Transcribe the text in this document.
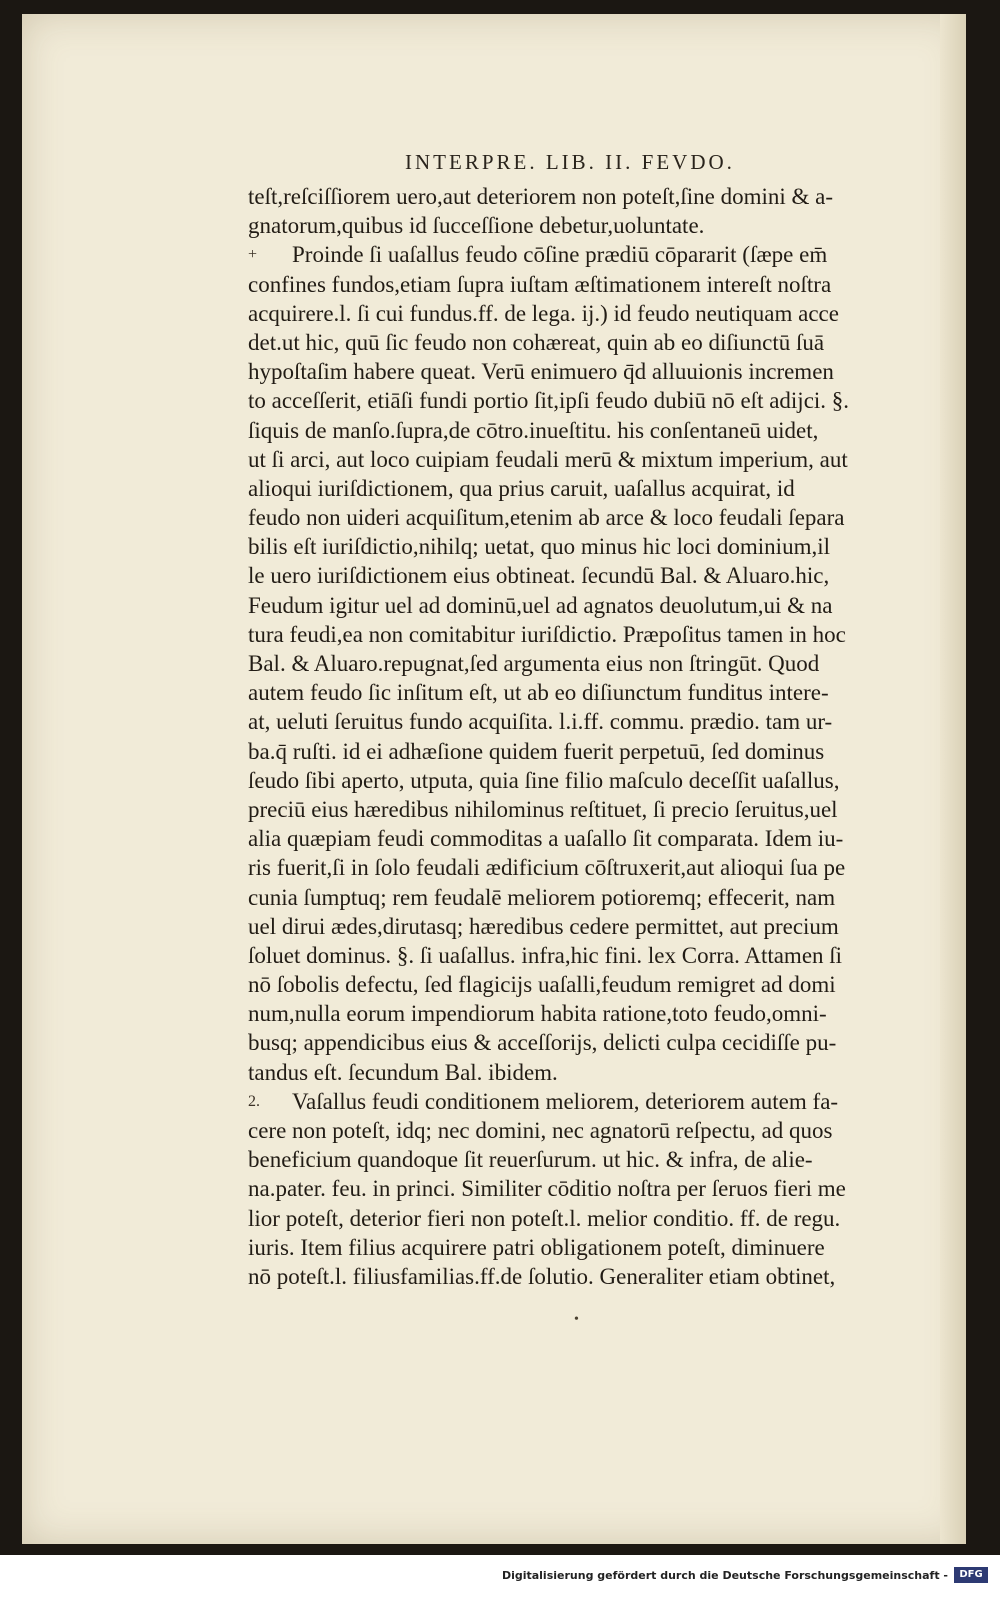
INTERPRE. LIB. II. FEVDO.
teſt,reſciſſiorem uero,aut deteriorem non poteſt,ſine domini & a-
gnatorum,quibus id ſucceſſione debetur,uoluntate.
+ Proinde ſi uaſallus feudo cōſine prædiū cōpararit (ſæpe em̄
confines fundos,etiam ſupra iuſtam æſtimationem intereſt noſtra
acquirere.l. ſi cui fundus.ff. de lega. ij.) id feudo neutiquam acce
det.ut hic, quū ſic feudo non cohæreat, quin ab eo diſiunctū ſuā
hypoſtaſim habere queat. Verū enimuero q̄d alluuionis incremen
to acceſſerit, etiāſi fundi portio ſit,ipſi feudo dubiū nō eſt adijci. §.
ſiquis de manſo.ſupra,de cōtro.inueſtitu. his conſentaneū uidet,
ut ſi arci, aut loco cuipiam feudali merū & mixtum imperium, aut
alioqui iuriſdictionem, qua prius caruit, uaſallus acquirat, id
feudo non uideri acquiſitum,etenim ab arce & loco feudali ſepara
bilis eſt iuriſdictio,nihilq; uetat, quo minus hic loci dominium,il
le uero iuriſdictionem eius obtineat. ſecundū Bal. & Aluaro.hic,
Feudum igitur uel ad dominū,uel ad agnatos deuolutum,ui & na
tura feudi,ea non comitabitur iuriſdictio. Præpoſitus tamen in hoc
Bal. & Aluaro.repugnat,ſed argumenta eius non ſtringūt. Quod
autem feudo ſic inſitum eſt, ut ab eo diſiunctum funditus intere-
at, ueluti ſeruitus fundo acquiſita. l.i.ff. commu. prædio. tam ur-
ba.q̄ ruſti. id ei adhæſione quidem fuerit perpetuū, ſed dominus
ſeudo ſibi aperto, utputa, quia ſine filio maſculo deceſſit uaſallus,
preciū eius hæredibus nihilominus reſtituet, ſi precio ſeruitus,uel
alia quæpiam feudi commoditas a uaſallo ſit comparata. Idem iu-
ris fuerit,ſi in ſolo feudali ædificium cōſtruxerit,aut alioqui ſua pe
cunia ſumptuq; rem feudalē meliorem potioremq; effecerit, nam
uel dirui ædes,dirutasq; hæredibus cedere permittet, aut precium
ſoluet dominus. §. ſi uaſallus. infra,hic fini. lex Corra. Attamen ſi
nō ſobolis defectu, ſed flagicijs uaſalli,feudum remigret ad domi
num,nulla eorum impendiorum habita ratione,toto feudo,omni-
busq; appendicibus eius & acceſſorijs, delicti culpa cecidiſſe pu-
tandus eſt. ſecundum Bal. ibidem.
2. Vaſallus feudi conditionem meliorem, deteriorem autem fa-
cere non poteſt, idq; nec domini, nec agnatorū reſpectu, ad quos
beneficium quandoque ſit reuerſurum. ut hic. & infra, de alie-
na.pater. feu. in princi. Similiter cōditio noſtra per ſeruos fieri me
lior poteſt, deterior fieri non poteſt.l. melior conditio. ff. de regu.
iuris. Item filius acquirere patri obligationem poteſt, diminuere
nō poteſt.l. filiusfamilias.ff.de ſolutio. Generaliter etiam obtinet,
•
Digitalisierung gefördert durch die Deutsche Forschungsgemeinschaft -	DFG
